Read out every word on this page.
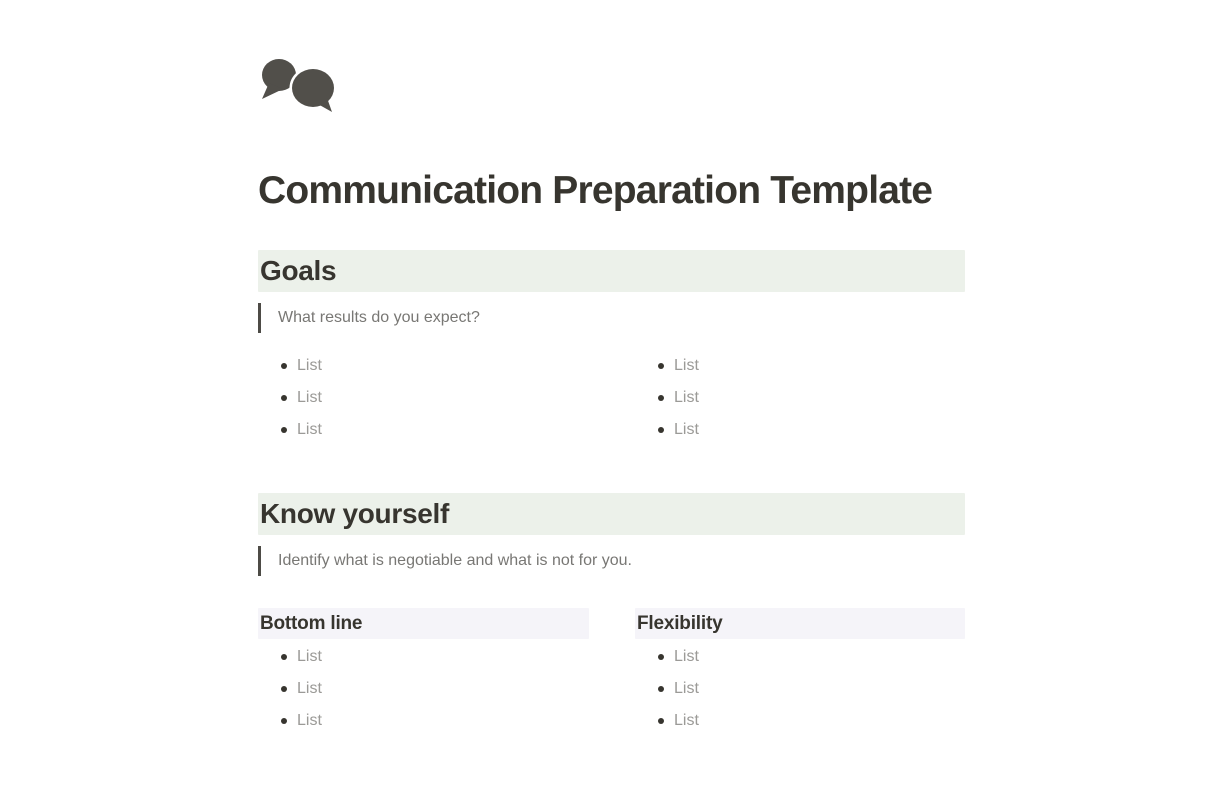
Communication Preparation Template
Goals
What results do you expect?
List
List
List
List
List
List
Know yourself
Identify what is negotiable and what is not for you.
Bottom line
List
List
List
Flexibility
List
List
List
